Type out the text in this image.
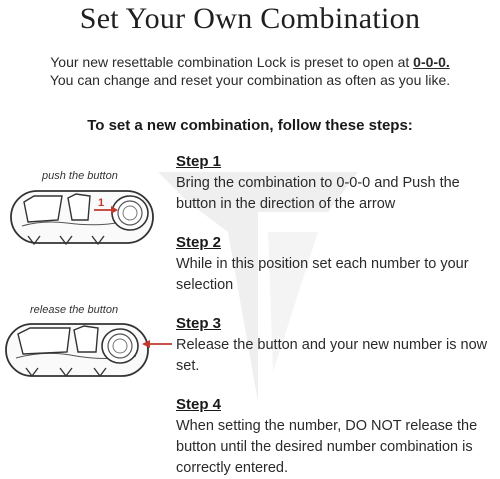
Set Your Own Combination
Your new resettable combination Lock is preset to open at 0-0-0.
You can change and reset your combination as often as you like.
To set a new combination, follow these steps:
push the button
1
release the button
Step 1
Bring the combination to 0-0-0 and Push the button in the direction of the arrow
Step 2
While in this position set each number to your selection
Step 3
Release the button and your new number is now set.
Step 4
When setting the number, DO NOT release the button until the desired number combination is correctly entered.
